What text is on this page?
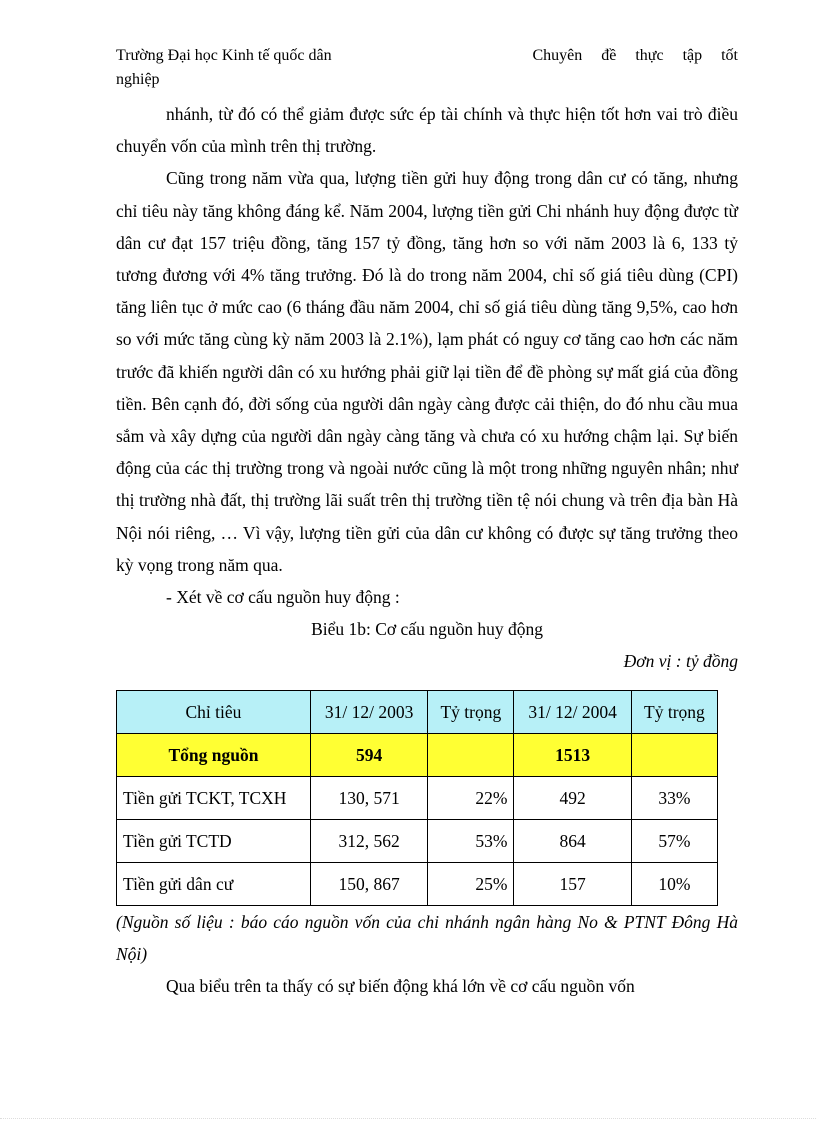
Trường Đại học Kinh tế quốc dân	Chuyên đề thực tập tốt
nghiệp

nhánh, từ đó có thể giảm được sức ép tài chính và thực hiện tốt hơn vai trò điều chuyển vốn của mình trên thị trường.

Cũng trong năm vừa qua, lượng tiền gửi huy động trong dân cư có tăng, nhưng chỉ tiêu này tăng không đáng kể. Năm 2004, lượng tiền gửi Chi nhánh huy động được từ dân cư đạt 157 triệu đồng, tăng 157 tỷ đồng, tăng hơn so với năm 2003 là 6, 133 tỷ tương đương với 4% tăng trưởng. Đó là do trong năm 2004, chỉ số giá tiêu dùng (CPI) tăng liên tục ở mức cao (6 tháng đầu năm 2004, chỉ số giá tiêu dùng tăng 9,5%, cao hơn so với mức tăng cùng kỳ năm 2003 là 2.1%), lạm phát có nguy cơ tăng cao hơn các năm trước đã khiến người dân có xu hướng phải giữ lại tiền để đề phòng sự mất giá của đồng tiền. Bên cạnh đó, đời sống của người dân ngày càng được cải thiện, do đó nhu cầu mua sắm và xây dựng của người dân ngày càng tăng và chưa có xu hướng chậm lại. Sự biến động của các thị trường trong và ngoài nước cũng là một trong những nguyên nhân; như thị trường nhà đất, thị trường lãi suất trên thị trường tiền tệ nói chung và trên địa bàn Hà Nội nói riêng, … Vì vậy, lượng tiền gửi của dân cư không có được sự tăng trưởng theo kỳ vọng trong năm qua.

- Xét về cơ cấu nguồn huy động :

Biểu 1b: Cơ cấu nguồn huy động

Đơn vị : tỷ đồng

Chỉ tiêu	31/ 12/ 2003	Tỷ trọng	31/ 12/ 2004	Tỷ trọng
Tổng nguồn	594		1513	
Tiền gửi TCKT, TCXH	130, 571	22%	492	33%
Tiền gửi TCTD	312, 562	53%	864	57%
Tiền gửi dân cư	150, 867	25%	157	10%

(Nguồn số liệu : báo cáo nguồn vốn của chi nhánh ngân hàng No & PTNT Đông Hà Nội)

Qua biểu trên ta thấy có sự biến động khá lớn về cơ cấu nguồn vốn
